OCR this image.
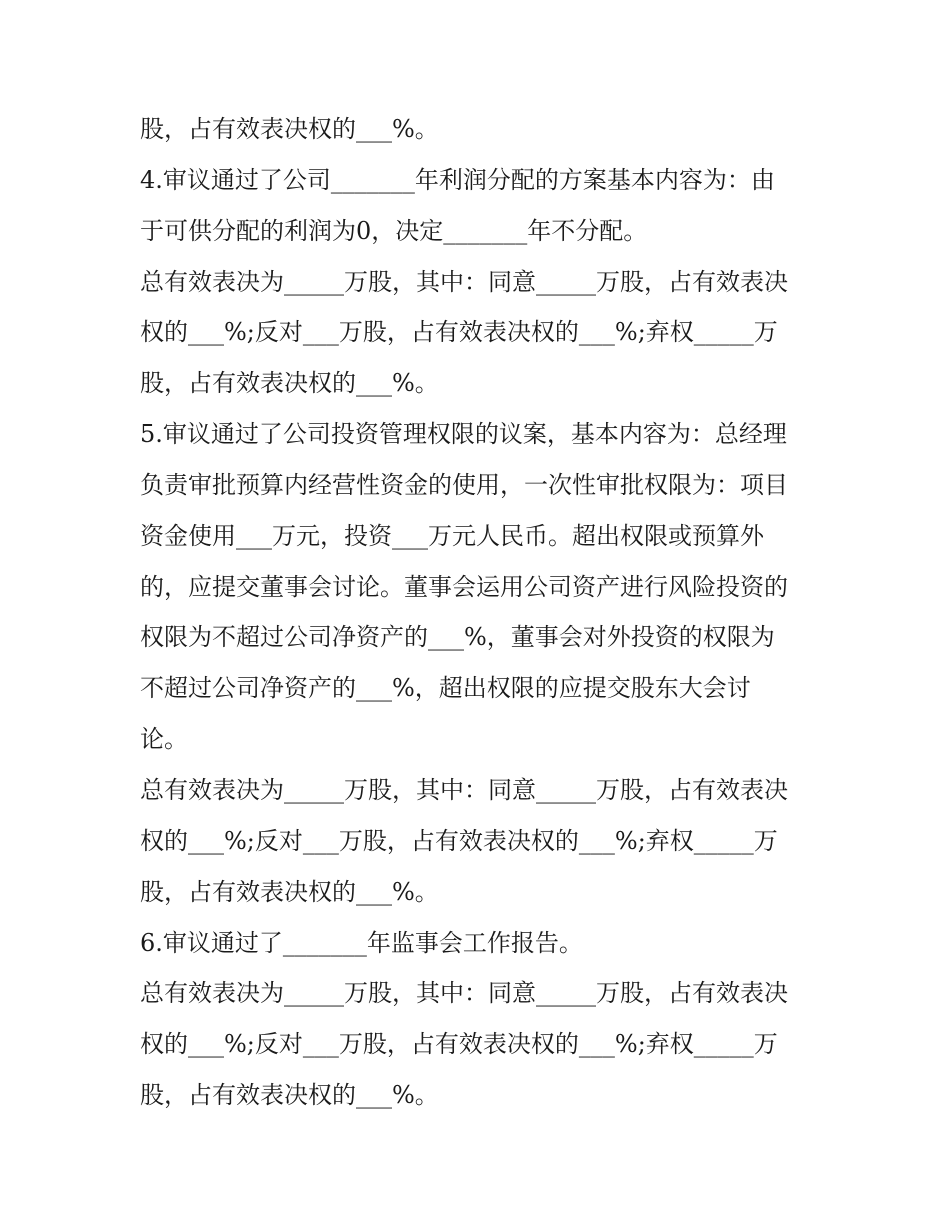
股，占有效表决权的___%。
4.审议通过了公司_______年利润分配的方案基本内容为：由
于可供分配的利润为0，决定_______年不分配。
总有效表决为_____万股，其中：同意_____万股，占有效表决
权的___%;反对___万股，占有效表决权的___%;弃权_____万
股，占有效表决权的___%。
5.审议通过了公司投资管理权限的议案，基本内容为：总经理
负责审批预算内经营性资金的使用，一次性审批权限为：项目
资金使用___万元，投资___万元人民币。超出权限或预算外
的，应提交董事会讨论。董事会运用公司资产进行风险投资的
权限为不超过公司净资产的___%，董事会对外投资的权限为
不超过公司净资产的___%，超出权限的应提交股东大会讨
论。
总有效表决为_____万股，其中：同意_____万股，占有效表决
权的___%;反对___万股，占有效表决权的___%;弃权_____万
股，占有效表决权的___%。
6.审议通过了_______年监事会工作报告。
总有效表决为_____万股，其中：同意_____万股，占有效表决
权的___%;反对___万股，占有效表决权的___%;弃权_____万
股，占有效表决权的___%。
